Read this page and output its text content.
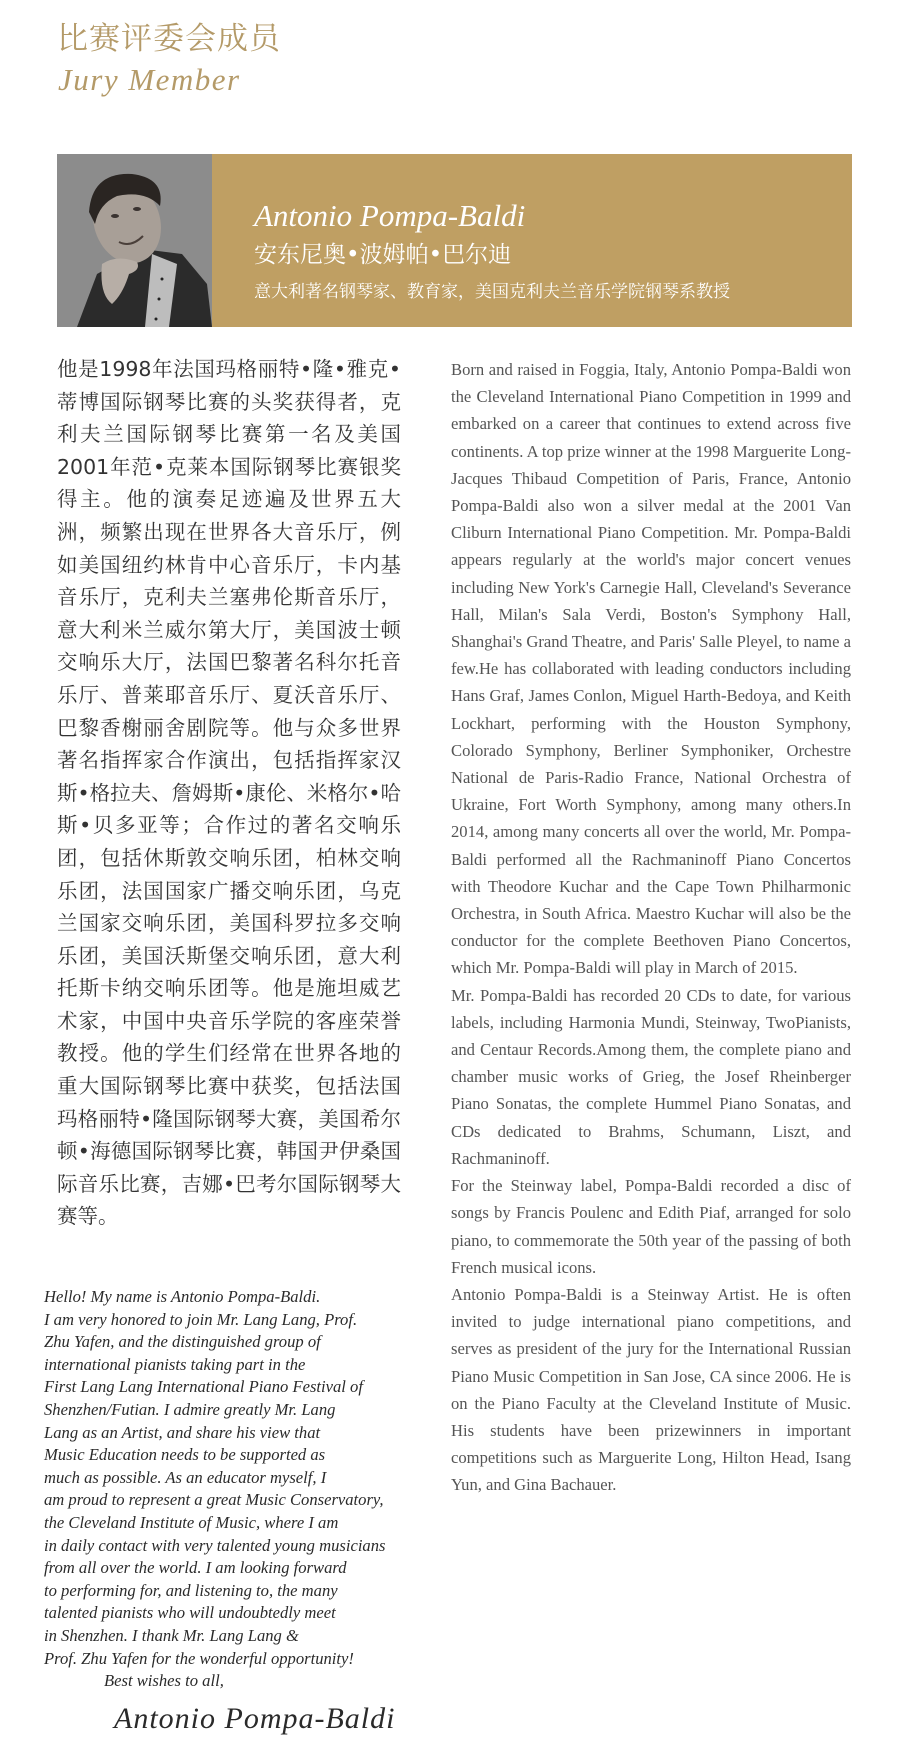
比赛评委会成员
Jury Member
Antonio Pompa-Baldi
安东尼奥•波姆帕•巴尔迪
意大利著名钢琴家、教育家，美国克利夫兰音乐学院钢琴系教授

他是1998年法国玛格丽特•隆•雅克•蒂博国际钢琴比赛的头奖获得者，克利夫兰国际钢琴比赛第一名及美国2001年范•克莱本国际钢琴比赛银奖得主。他的演奏足迹遍及世界五大洲，频繁出现在世界各大音乐厅，例如美国纽约林肯中心音乐厅，卡内基音乐厅，克利夫兰塞弗伦斯音乐厅，意大利米兰威尔第大厅，美国波士顿交响乐大厅，法国巴黎著名科尔托音乐厅、普莱耶音乐厅、夏沃音乐厅、巴黎香榭丽舍剧院等。他与众多世界著名指挥家合作演出，包括指挥家汉斯•格拉夫、詹姆斯•康伦、米格尔•哈斯•贝多亚等；合作过的著名交响乐团，包括休斯敦交响乐团，柏林交响乐团，法国国家广播交响乐团，乌克兰国家交响乐团，美国科罗拉多交响乐团，美国沃斯堡交响乐团，意大利托斯卡纳交响乐团等。他是施坦威艺术家，中国中央音乐学院的客座荣誉教授。他的学生们经常在世界各地的重大国际钢琴比赛中获奖，包括法国玛格丽特•隆国际钢琴大赛，美国希尔顿•海德国际钢琴比赛，韩国尹伊桑国际音乐比赛，吉娜•巴考尔国际钢琴大赛等。

Born and raised in Foggia, Italy, Antonio Pompa-Baldi won the Cleveland International Piano Competition in 1999 and embarked on a career that continues to extend across five continents. A top prize winner at the 1998 Marguerite Long-Jacques Thibaud Competition of Paris, France, Antonio Pompa-Baldi also won a silver medal at the 2001 Van Cliburn International Piano Competition. Mr. Pompa-Baldi appears regularly at the world's major concert venues including New York's Carnegie Hall, Cleveland's Severance Hall, Milan's Sala Verdi, Boston's Symphony Hall, Shanghai's Grand Theatre, and Paris' Salle Pleyel, to name a few.He has collaborated with leading conductors including Hans Graf, James Conlon, Miguel Harth-Bedoya, and Keith Lockhart, performing with the Houston Symphony, Colorado Symphony, Berliner Symphoniker, Orchestre National de Paris-Radio France, National Orchestra of Ukraine, Fort Worth Symphony, among many others.In 2014, among many concerts all over the world, Mr. Pompa-Baldi performed all the Rachmaninoff Piano Concertos with Theodore Kuchar and the Cape Town Philharmonic Orchestra, in South Africa. Maestro Kuchar will also be the conductor for the complete Beethoven Piano Concertos, which Mr. Pompa-Baldi will play in March of 2015.

Mr. Pompa-Baldi has recorded 20 CDs to date, for various labels, including Harmonia Mundi, Steinway, TwoPianists, and Centaur Records.Among them, the complete piano and chamber music works of Grieg, the Josef Rheinberger Piano Sonatas, the complete Hummel Piano Sonatas, and CDs dedicated to Brahms, Schumann, Liszt, and Rachmaninoff.

For the Steinway label, Pompa-Baldi recorded a disc of songs by Francis Poulenc and Edith Piaf, arranged for solo piano, to commemorate the 50th year of the passing of both French musical icons.

Antonio Pompa-Baldi is a Steinway Artist. He is often invited to judge international piano competitions, and serves as president of the jury for the International Russian Piano Music Competition in San Jose, CA since 2006. He is on the Piano Faculty at the Cleveland Institute of Music. His students have been prizewinners in important competitions such as Marguerite Long, Hilton Head, Isang Yun, and Gina Bachauer.

Hello! My name is Antonio Pompa-Baldi.
I am very honored to join Mr. Lang Lang, Prof.
Zhu Yafen, and the distinguished group of
international pianists taking part in the
First Lang Lang International Piano Festival of
Shenzhen/Futian. I admire greatly Mr. Lang
Lang as an Artist, and share his view that
Music Education needs to be supported as
much as possible. As an educator myself, I
am proud to represent a great Music Conservatory,
the Cleveland Institute of Music, where I am
in daily contact with very talented young musicians
from all over the world. I am looking forward
to performing for, and listening to, the many
talented pianists who will undoubtedly meet
in Shenzhen. I thank Mr. Lang Lang &
Prof. Zhu Yafen for the wonderful opportunity!
Best wishes to all,
Antonio Pompa-Baldi
